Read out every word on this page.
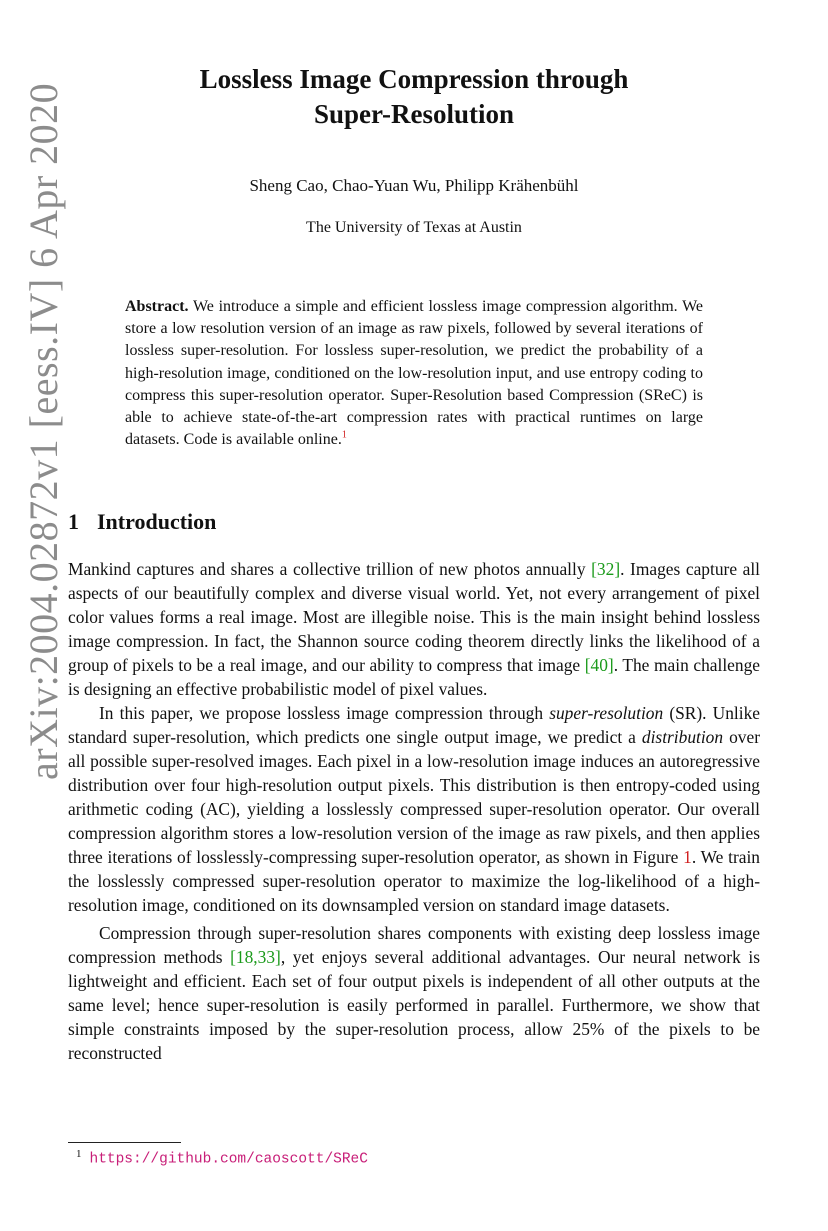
arXiv:2004.02872v1 [eess.IV] 6 Apr 2020
Lossless Image Compression through
Super-Resolution
Sheng Cao, Chao-Yuan Wu, Philipp Krähenbühl
The University of Texas at Austin
Abstract. We introduce a simple and efficient lossless image compression algorithm. We store a low resolution version of an image as raw pixels, followed by several iterations of lossless super-resolution. For lossless super-resolution, we predict the probability of a high-resolution image, conditioned on the low-resolution input, and use entropy coding to compress this super-resolution operator. Super-Resolution based Compression (SReC) is able to achieve state-of-the-art compression rates with practical runtimes on large datasets. Code is available online.$^1$
1 Introduction

Mankind captures and shares a collective trillion of new photos annually [32]. Images capture all aspects of our beautifully complex and diverse visual world. Yet, not every arrangement of pixel color values forms a real image. Most are illegible noise. This is the main insight behind lossless image compression. In fact, the Shannon source coding theorem directly links the likelihood of a group of pixels to be a real image, and our ability to compress that image [40]. The main challenge is designing an effective probabilistic model of pixel values.

In this paper, we propose lossless image compression through super-resolution (SR). Unlike standard super-resolution, which predicts one single output image, we predict a distribution over all possible super-resolved images. Each pixel in a low-resolution image induces an autoregressive distribution over four high-resolution output pixels. This distribution is then entropy-coded using arithmetic coding (AC), yielding a losslessly compressed super-resolution operator. Our overall compression algorithm stores a low-resolution version of the image as raw pixels, and then applies three iterations of losslessly-compressing super-resolution operator, as shown in Figure 1. We train the losslessly compressed super-resolution operator to maximize the log-likelihood of a high-resolution image, conditioned on its downsampled version on standard image datasets.

Compression through super-resolution shares components with existing deep lossless image compression methods [18,33], yet enjoys several additional advantages. Our neural network is lightweight and efficient. Each set of four output pixels is independent of all other outputs at the same level; hence super-resolution is easily performed in parallel. Furthermore, we show that simple constraints imposed by the super-resolution process, allow 25% of the pixels to be reconstructed

$^1$ https://github.com/caoscott/SReC
